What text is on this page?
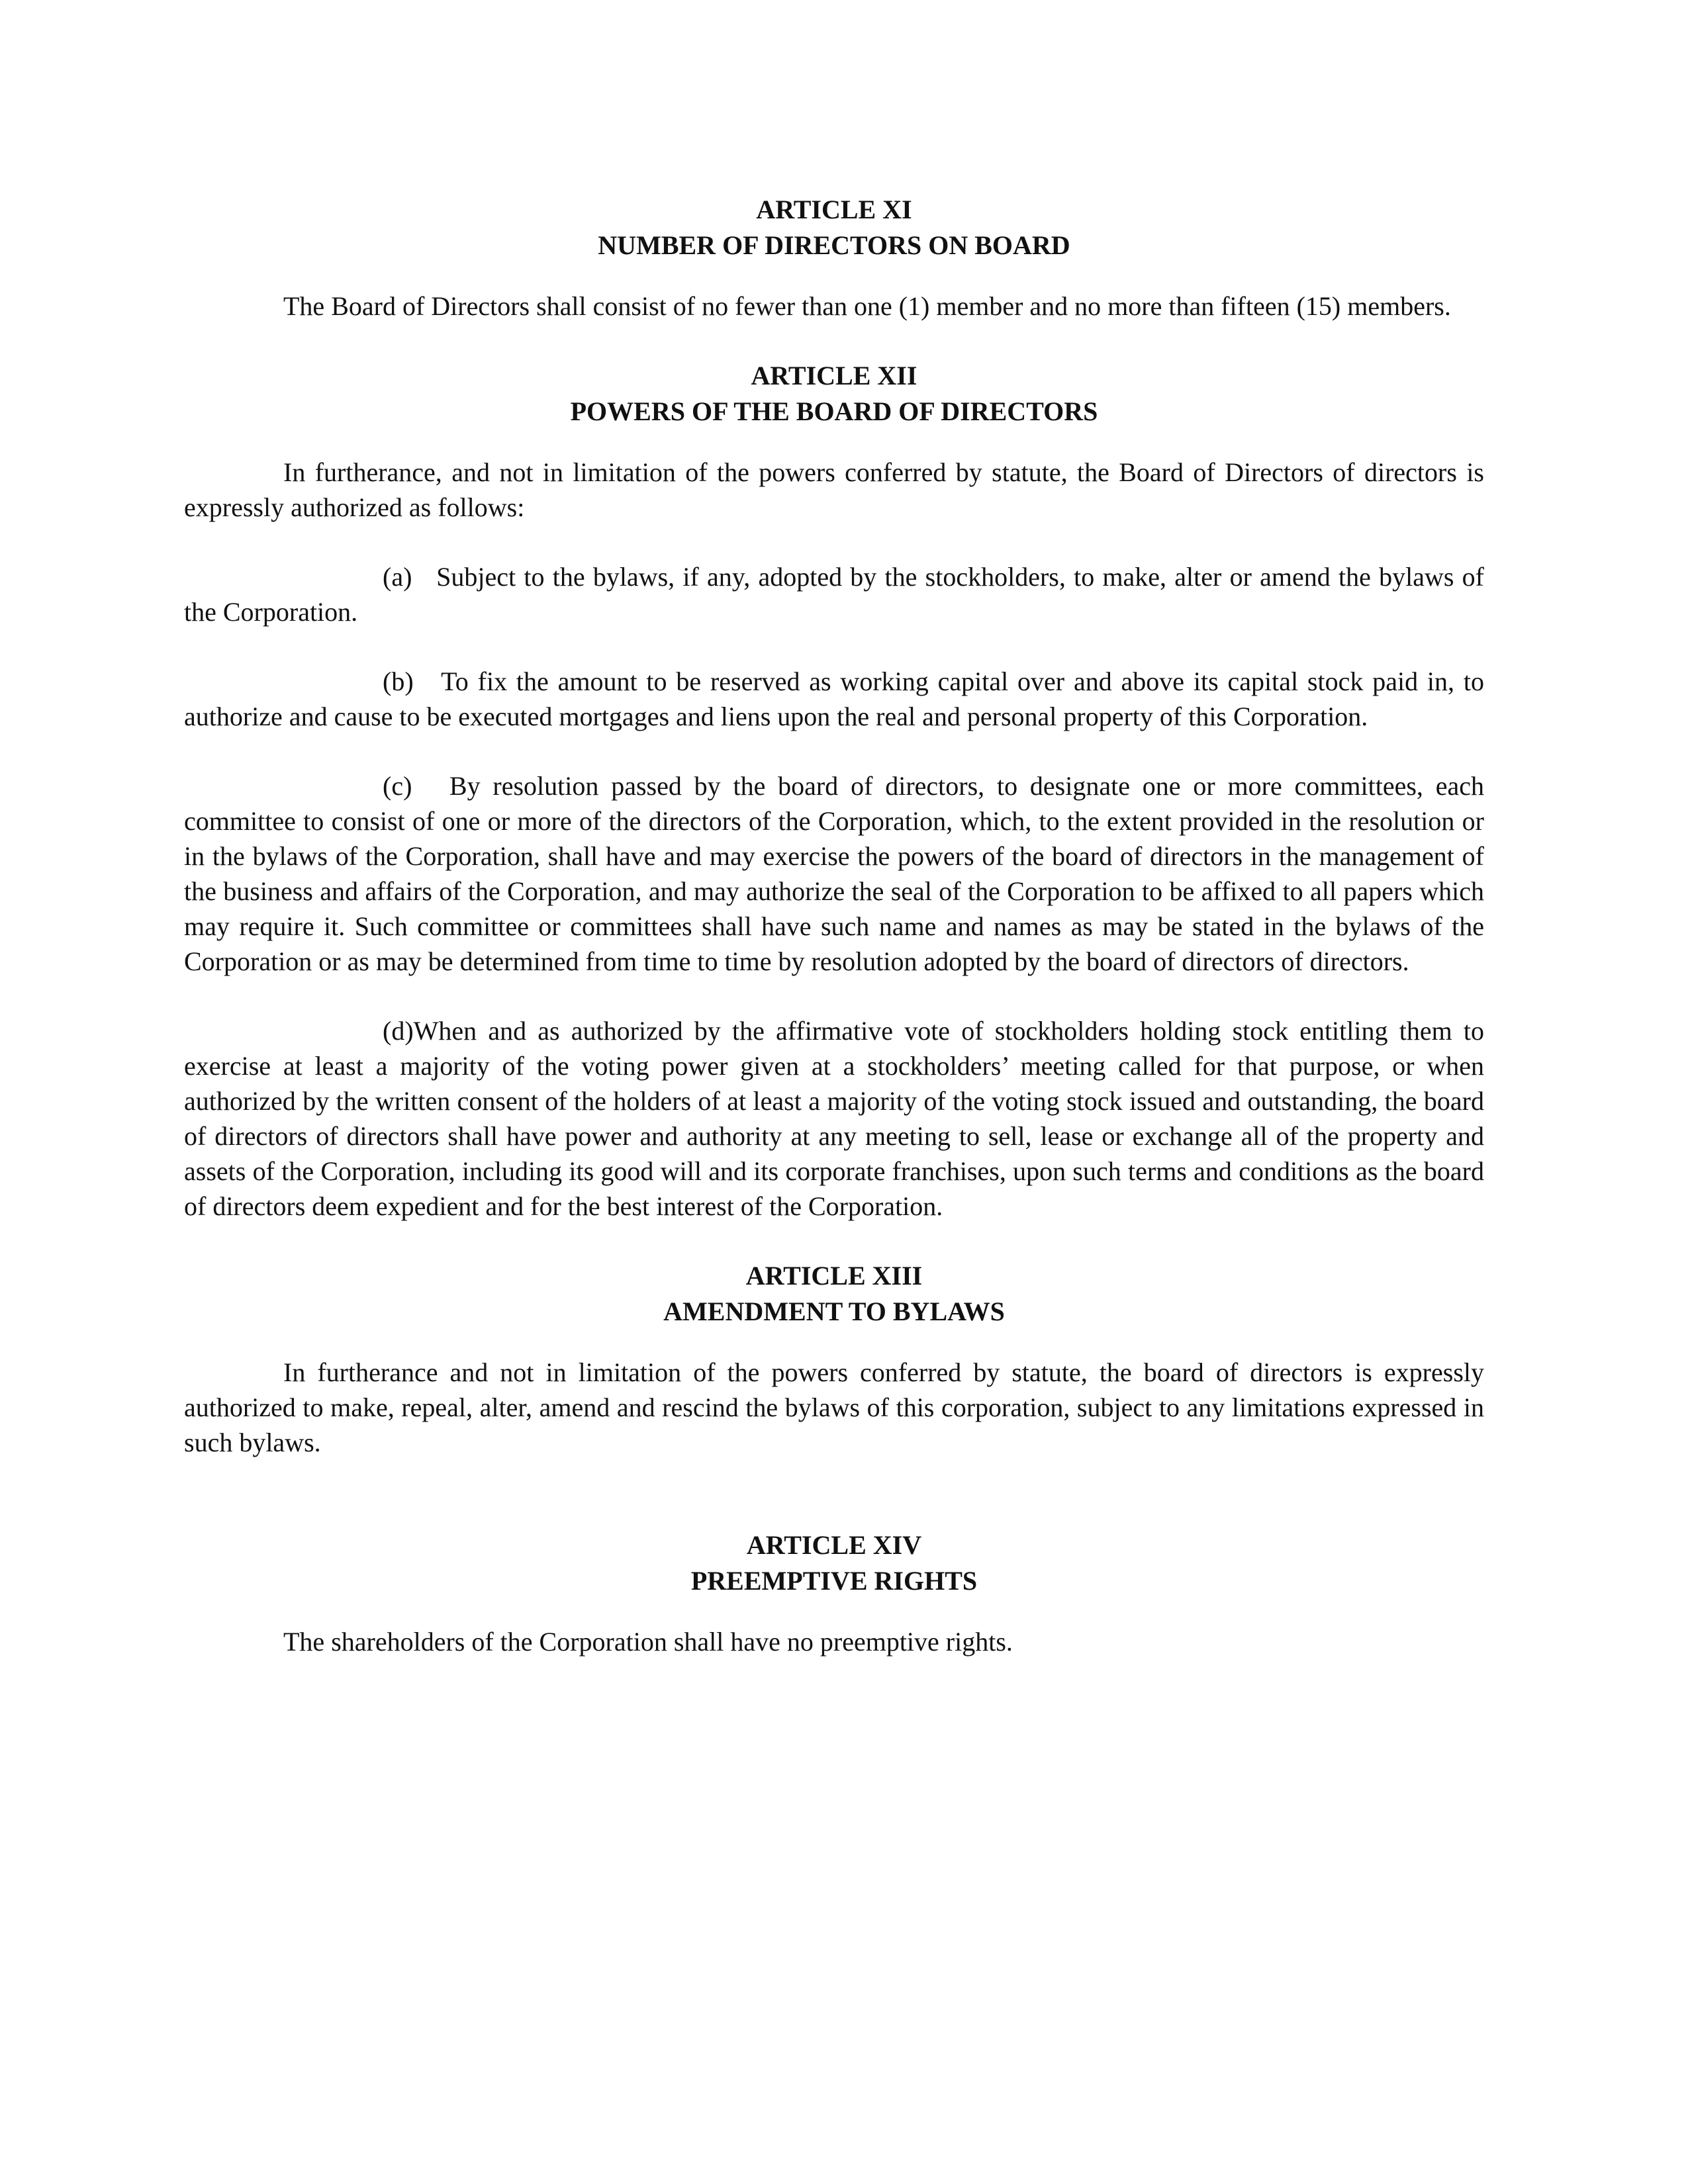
ARTICLE XI

NUMBER OF DIRECTORS ON BOARD

The Board of Directors shall consist of no fewer than one (1) member and no more than fifteen (15) members.

ARTICLE XII

POWERS OF THE BOARD OF DIRECTORS

In furtherance, and not in limitation of the powers conferred by statute, the Board of Directors of directors is expressly authorized as follows:

(a) Subject to the bylaws, if any, adopted by the stockholders, to make, alter or amend the bylaws of the Corporation.

(b) To fix the amount to be reserved as working capital over and above its capital stock paid in, to authorize and cause to be executed mortgages and liens upon the real and personal property of this Corporation.

(c) By resolution passed by the board of directors, to designate one or more committees, each committee to consist of one or more of the directors of the Corporation, which, to the extent provided in the resolution or in the bylaws of the Corporation, shall have and may exercise the powers of the board of directors in the management of the business and affairs of the Corporation, and may authorize the seal of the Corporation to be affixed to all papers which may require it. Such committee or committees shall have such name and names as may be stated in the bylaws of the Corporation or as may be determined from time to time by resolution adopted by the board of directors of directors.

(d)When and as authorized by the affirmative vote of stockholders holding stock entitling them to exercise at least a majority of the voting power given at a stockholders’ meeting called for that purpose, or when authorized by the written consent of the holders of at least a majority of the voting stock issued and outstanding, the board of directors of directors shall have power and authority at any meeting to sell, lease or exchange all of the property and assets of the Corporation, including its good will and its corporate franchises, upon such terms and conditions as the board of directors deem expedient and for the best interest of the Corporation.

ARTICLE XIII

AMENDMENT TO BYLAWS

In furtherance and not in limitation of the powers conferred by statute, the board of directors is expressly authorized to make, repeal, alter, amend and rescind the bylaws of this corporation, subject to any limitations expressed in such bylaws.

ARTICLE XIV

PREEMPTIVE RIGHTS

The shareholders of the Corporation shall have no preemptive rights.
